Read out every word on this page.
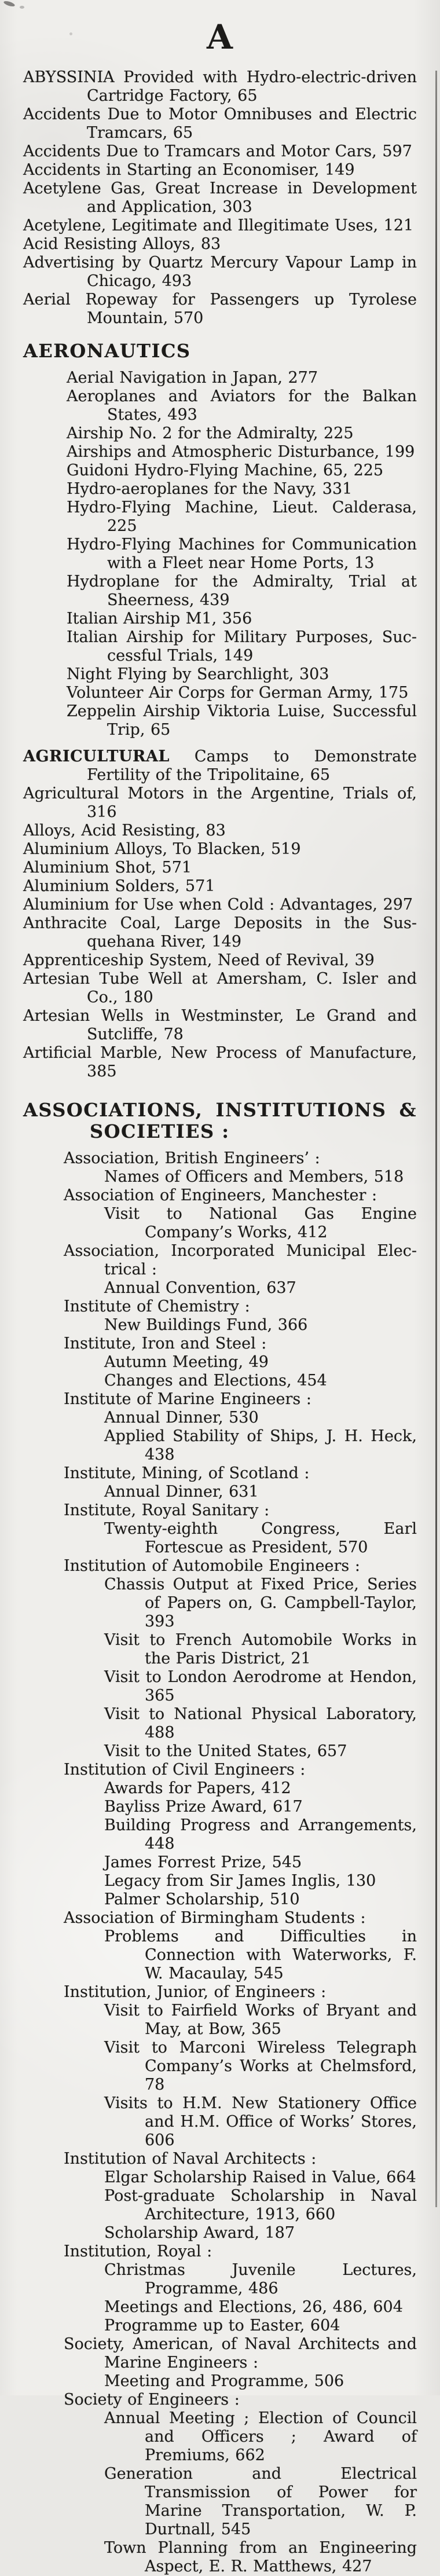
A
ABYSSINIA Provided with Hydro-electric-driven Cartridge Factory, 65
Accidents Due to Motor Omnibuses and Electric Tramcars, 65
Accidents Due to Tramcars and Motor Cars, 597
Accidents in Starting an Economiser, 149
Acetylene Gas, Great Increase in Development and Application, 303
Acetylene, Legitimate and Illegitimate Uses, 121
Acid Resisting Alloys, 83
Advertising by Quartz Mercury Vapour Lamp in Chicago, 493
Aerial Ropeway for Passengers up Tyrolese Mountain, 570
AERONAUTICS
Aerial Navigation in Japan, 277
Aeroplanes and Aviators for the Balkan States, 493
Airship No. 2 for the Admiralty, 225
Airships and Atmospheric Disturbance, 199
Guidoni Hydro-Flying Machine, 65, 225
Hydro-aeroplanes for the Navy, 331
Hydro-Flying Machine, Lieut. Calderasa, 225
Hydro-Flying Machines for Communication with a Fleet near Home Ports, 13
Hydroplane for the Admiralty, Trial at Sheerness, 439
Italian Airship M1, 356
Italian Airship for Military Purposes, Successful Trials, 149
Night Flying by Searchlight, 303
Volunteer Air Corps for German Army, 175
Zeppelin Airship Viktoria Luise, Successful Trip, 65
AGRICULTURAL Camps to Demonstrate Fertility of the Tripolitaine, 65
Agricultural Motors in the Argentine, Trials of, 316
Alloys, Acid Resisting, 83
Aluminium Alloys, To Blacken, 519
Aluminium Shot, 571
Aluminium Solders, 571
Aluminium for Use when Cold : Advantages, 297
Anthracite Coal, Large Deposits in the Susquehana River, 149
Apprenticeship System, Need of Revival, 39
Artesian Tube Well at Amersham, C. Isler and Co., 180
Artesian Wells in Westminster, Le Grand and Sutcliffe, 78
Artificial Marble, New Process of Manufacture, 385
ASSOCIATIONS, INSTITUTIONS & SOCIETIES :
Association, British Engineers’ :
Names of Officers and Members, 518
Association of Engineers, Manchester :
Visit to National Gas Engine Company’s Works, 412
Association, Incorporated Municipal Electrical :
Annual Convention, 637
Institute of Chemistry :
New Buildings Fund, 366
Institute, Iron and Steel :
Autumn Meeting, 49
Changes and Elections, 454
Institute of Marine Engineers :
Annual Dinner, 530
Applied Stability of Ships, J. H. Heck, 438
Institute, Mining, of Scotland :
Annual Dinner, 631
Institute, Royal Sanitary :
Twenty-eighth Congress, Earl Fortescue as President, 570
Institution of Automobile Engineers :
Chassis Output at Fixed Price, Series of Papers on, G. Campbell-Taylor, 393
Visit to French Automobile Works in the Paris District, 21
Visit to London Aerodrome at Hendon, 365
Visit to National Physical Laboratory, 488
Visit to the United States, 657
Institution of Civil Engineers :
Awards for Papers, 412
Bayliss Prize Award, 617
Building Progress and Arrangements, 448
James Forrest Prize, 545
Legacy from Sir James Inglis, 130
Palmer Scholarship, 510
Association of Birmingham Students :
Problems and Difficulties in Connection with Waterworks, F. W. Macaulay, 545
Institution, Junior, of Engineers :
Visit to Fairfield Works of Bryant and May, at Bow, 365
Visit to Marconi Wireless Telegraph Company’s Works at Chelmsford, 78
Visits to H.M. New Stationery Office and H.M. Office of Works’ Stores, 606
Institution of Naval Architects :
Elgar Scholarship Raised in Value, 664
Post-graduate Scholarship in Naval Architecture, 1913, 660
Scholarship Award, 187
Institution, Royal :
Christmas Juvenile Lectures, Programme, 486
Meetings and Elections, 26, 486, 604
Programme up to Easter, 604
Society, American, of Naval Architects and Marine Engineers :
Meeting and Programme, 506
Society of Engineers :
Annual Meeting ; Election of Council and Officers ; Award of Premiums, 662
Generation and Electrical Transmission of Power for Marine Transportation, W. P. Durtnall, 545
Town Planning from an Engineering Aspect, E. R. Matthews, 427
